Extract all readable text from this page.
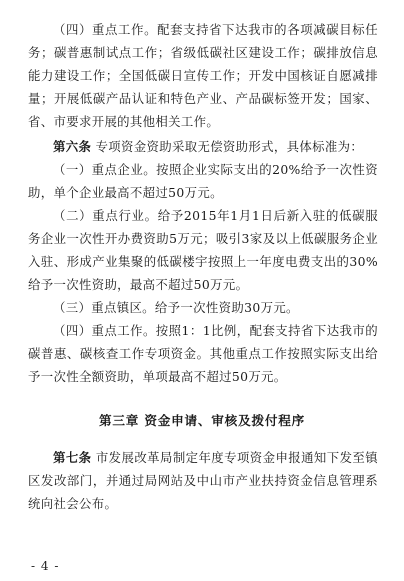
（四）重点工作。配套支持省下达我市的各项减碳目标任务；碳普惠制试点工作；省级低碳社区建设工作；碳排放信息能力建设工作；全国低碳日宣传工作；开发中国核证自愿减排量；开展低碳产品认证和特色产业、产品碳标签开发；国家、省、市要求开展的其他相关工作。

第六条 专项资金资助采取无偿资助形式，具体标准为：

（一）重点企业。按照企业实际支出的20%给予一次性资助，单个企业最高不超过50万元。

（二）重点行业。给予2015年1月1日后新入驻的低碳服务企业一次性开办费资助5万元；吸引3家及以上低碳服务企业入驻、形成产业集聚的低碳楼宇按照上一年度电费支出的30%给予一次性资助，最高不超过50万元。

（三）重点镇区。给予一次性资助30万元。

（四）重点工作。按照1：1比例，配套支持省下达我市的碳普惠、碳核查工作专项资金。其他重点工作按照实际支出给予一次性全额资助，单项最高不超过50万元。

第三章 资金申请、审核及拨付程序

第七条 市发展改革局制定年度专项资金申报通知下发至镇区发改部门，并通过局网站及中山市产业扶持资金信息管理系统向社会公布。

- 4 -
